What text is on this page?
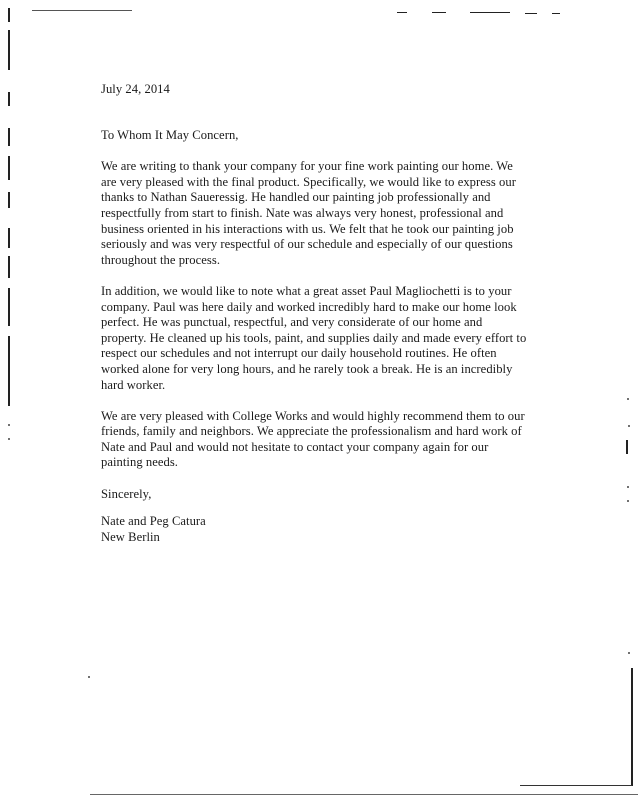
July 24, 2014

To Whom It May Concern,

We are writing to thank your company for your fine work painting our home. We
are very pleased with the final product. Specifically, we would like to express our
thanks to Nathan Saueressig. He handled our painting job professionally and
respectfully from start to finish. Nate was always very honest, professional and
business oriented in his interactions with us. We felt that he took our painting job
seriously and was very respectful of our schedule and especially of our questions
throughout the process.

In addition, we would like to note what a great asset Paul Magliochetti is to your
company. Paul was here daily and worked incredibly hard to make our home look
perfect. He was punctual, respectful, and very considerate of our home and
property. He cleaned up his tools, paint, and supplies daily and made every effort to
respect our schedules and not interrupt our daily household routines. He often
worked alone for very long hours, and he rarely took a break. He is an incredibly
hard worker.

We are very pleased with College Works and would highly recommend them to our
friends, family and neighbors. We appreciate the professionalism and hard work of
Nate and Paul and would not hesitate to contact your company again for our
painting needs.

Sincerely,

Nate and Peg Catura
New Berlin
